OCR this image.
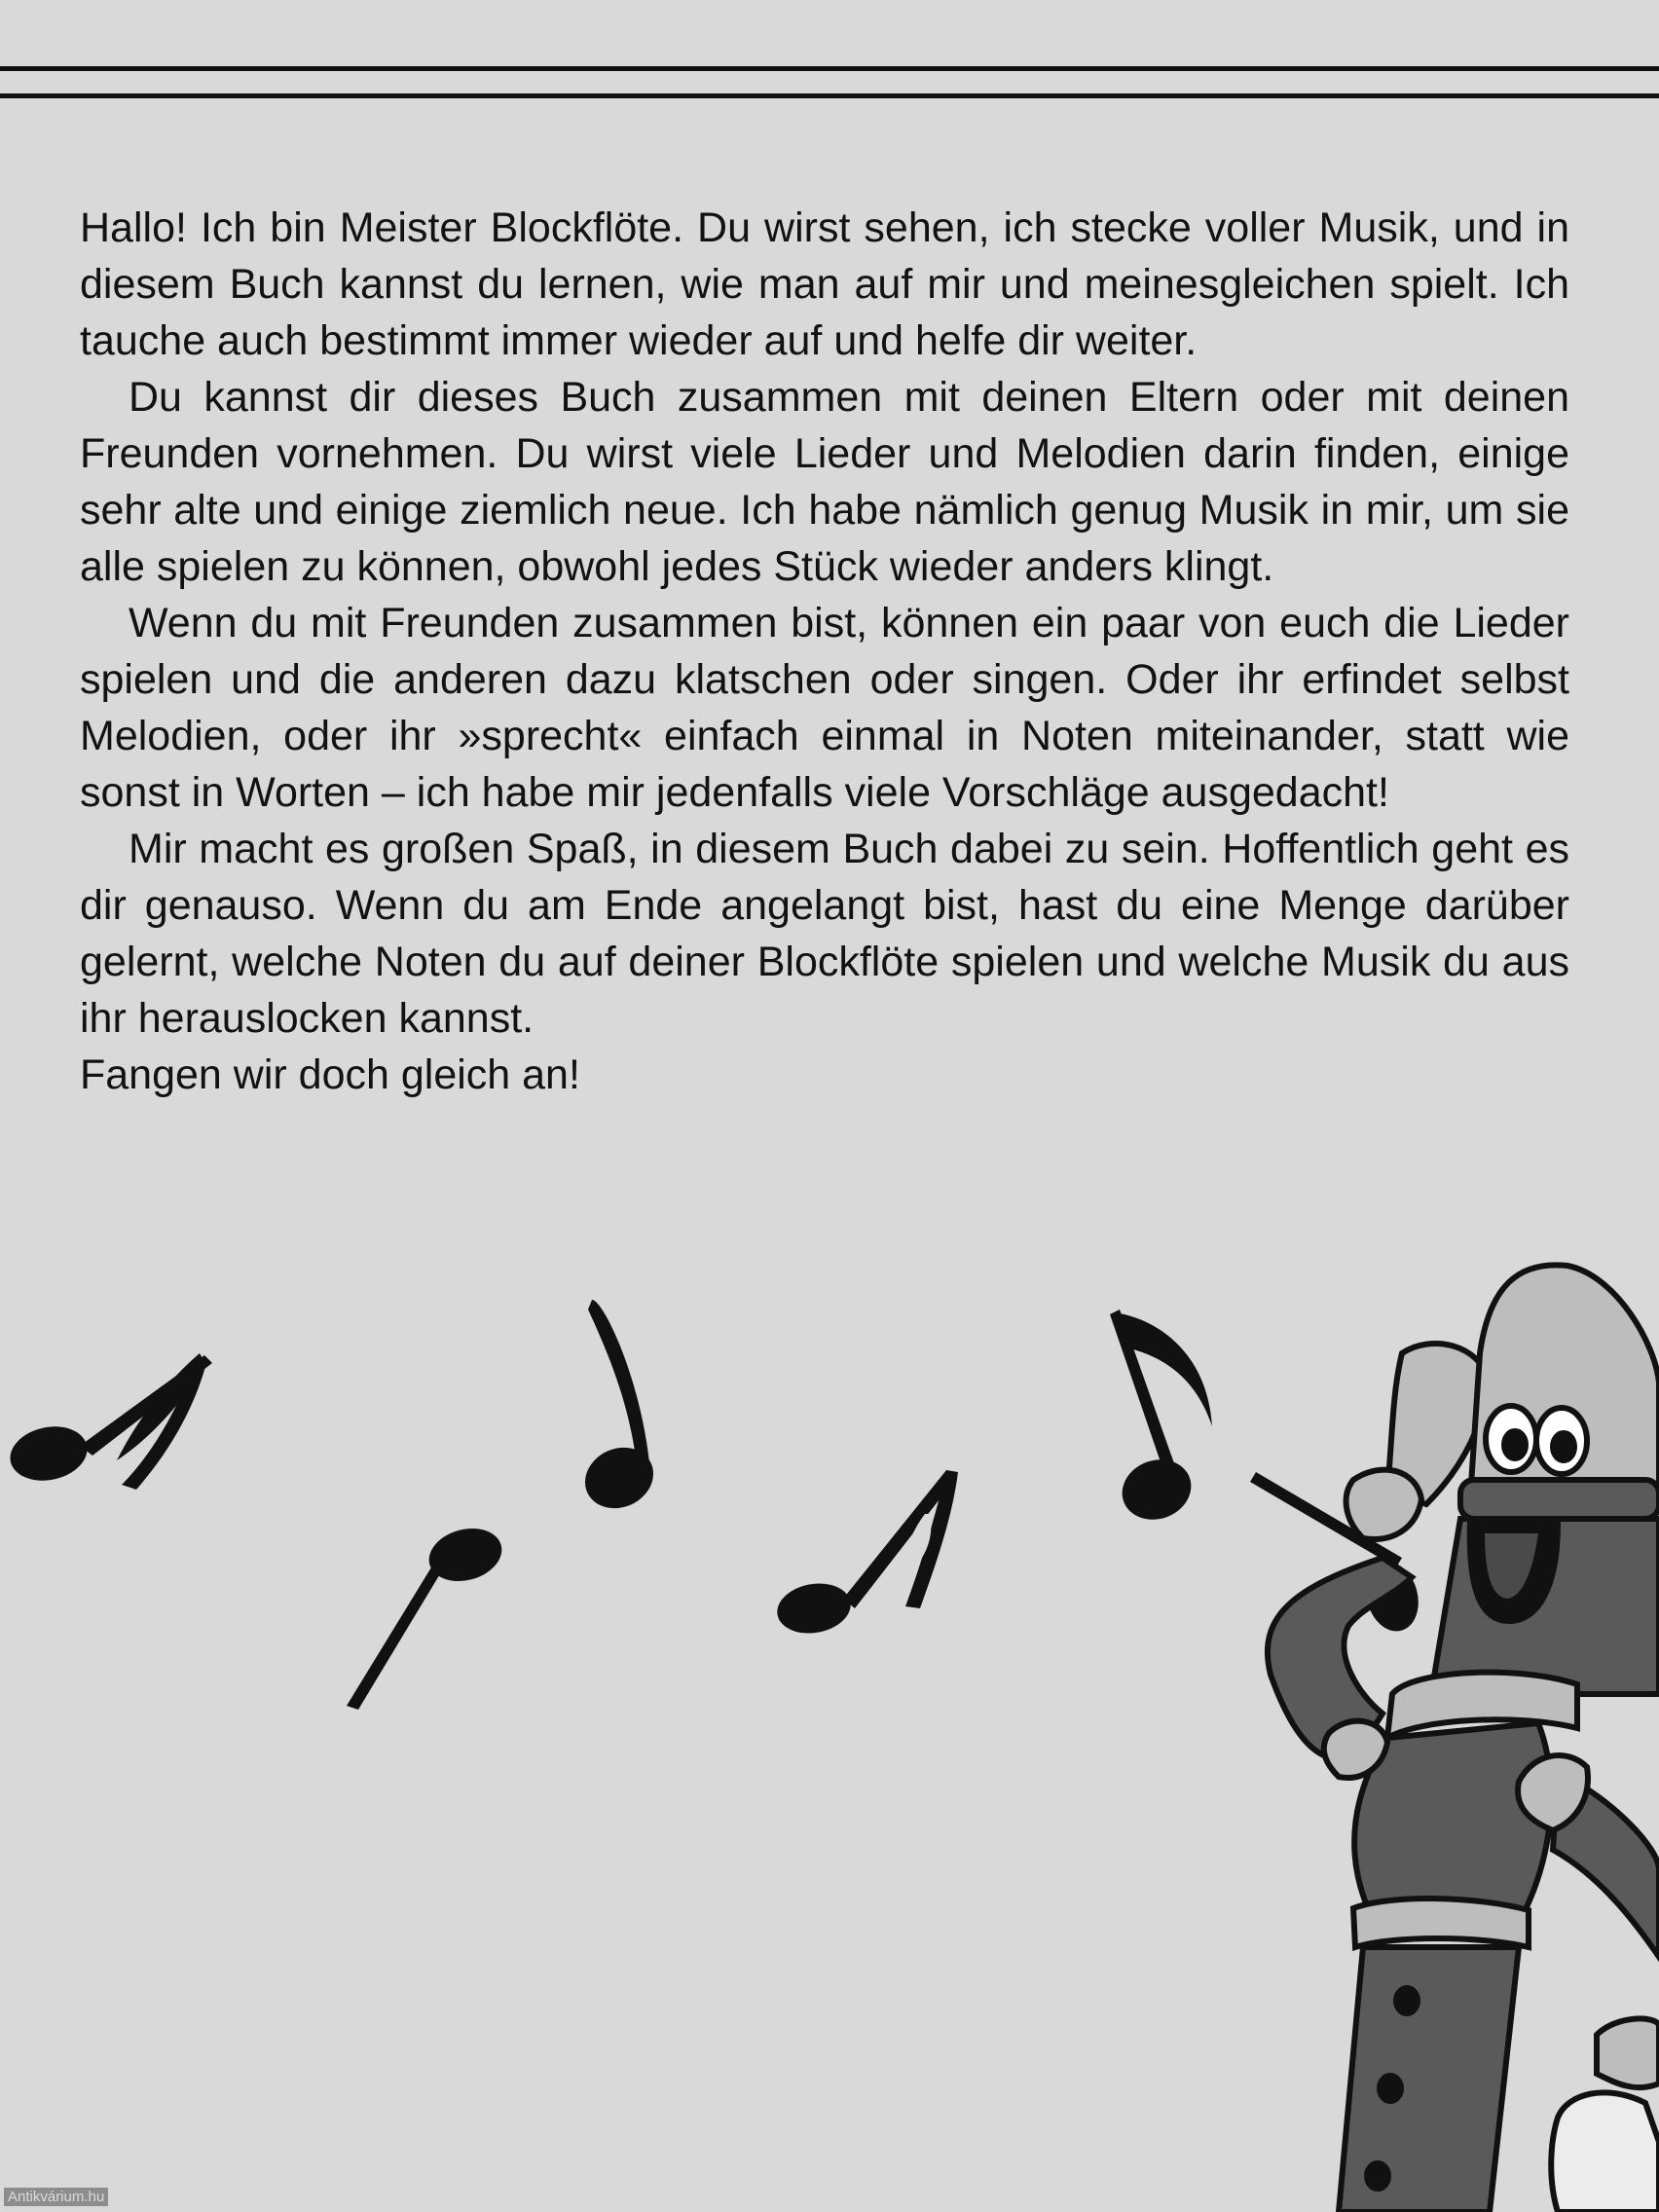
Hallo! Ich bin Meister Blockflöte. Du wirst sehen, ich stecke voller Musik, und in diesem Buch kannst du lernen, wie man auf mir und meinesgleichen spielt. Ich tauche auch bestimmt immer wieder auf und helfe dir weiter.

Du kannst dir dieses Buch zusammen mit deinen Eltern oder mit deinen Freunden vornehmen. Du wirst viele Lieder und Melodien darin finden, einige sehr alte und einige ziemlich neue. Ich habe nämlich genug Musik in mir, um sie alle spielen zu können, obwohl jedes Stück wieder anders klingt.

Wenn du mit Freunden zusammen bist, können ein paar von euch die Lieder spielen und die anderen dazu klatschen oder singen. Oder ihr erfindet selbst Melodien, oder ihr »sprecht« einfach einmal in Noten miteinander, statt wie sonst in Worten – ich habe mir jedenfalls viele Vorschläge ausgedacht!

Mir macht es großen Spaß, in diesem Buch dabei zu sein. Hoffentlich geht es dir genauso. Wenn du am Ende angelangt bist, hast du eine Menge darüber gelernt, welche Noten du auf deiner Blockflöte spielen und welche Musik du aus ihr herauslocken kannst.

Fangen wir doch gleich an!

Antikvárium.hu
